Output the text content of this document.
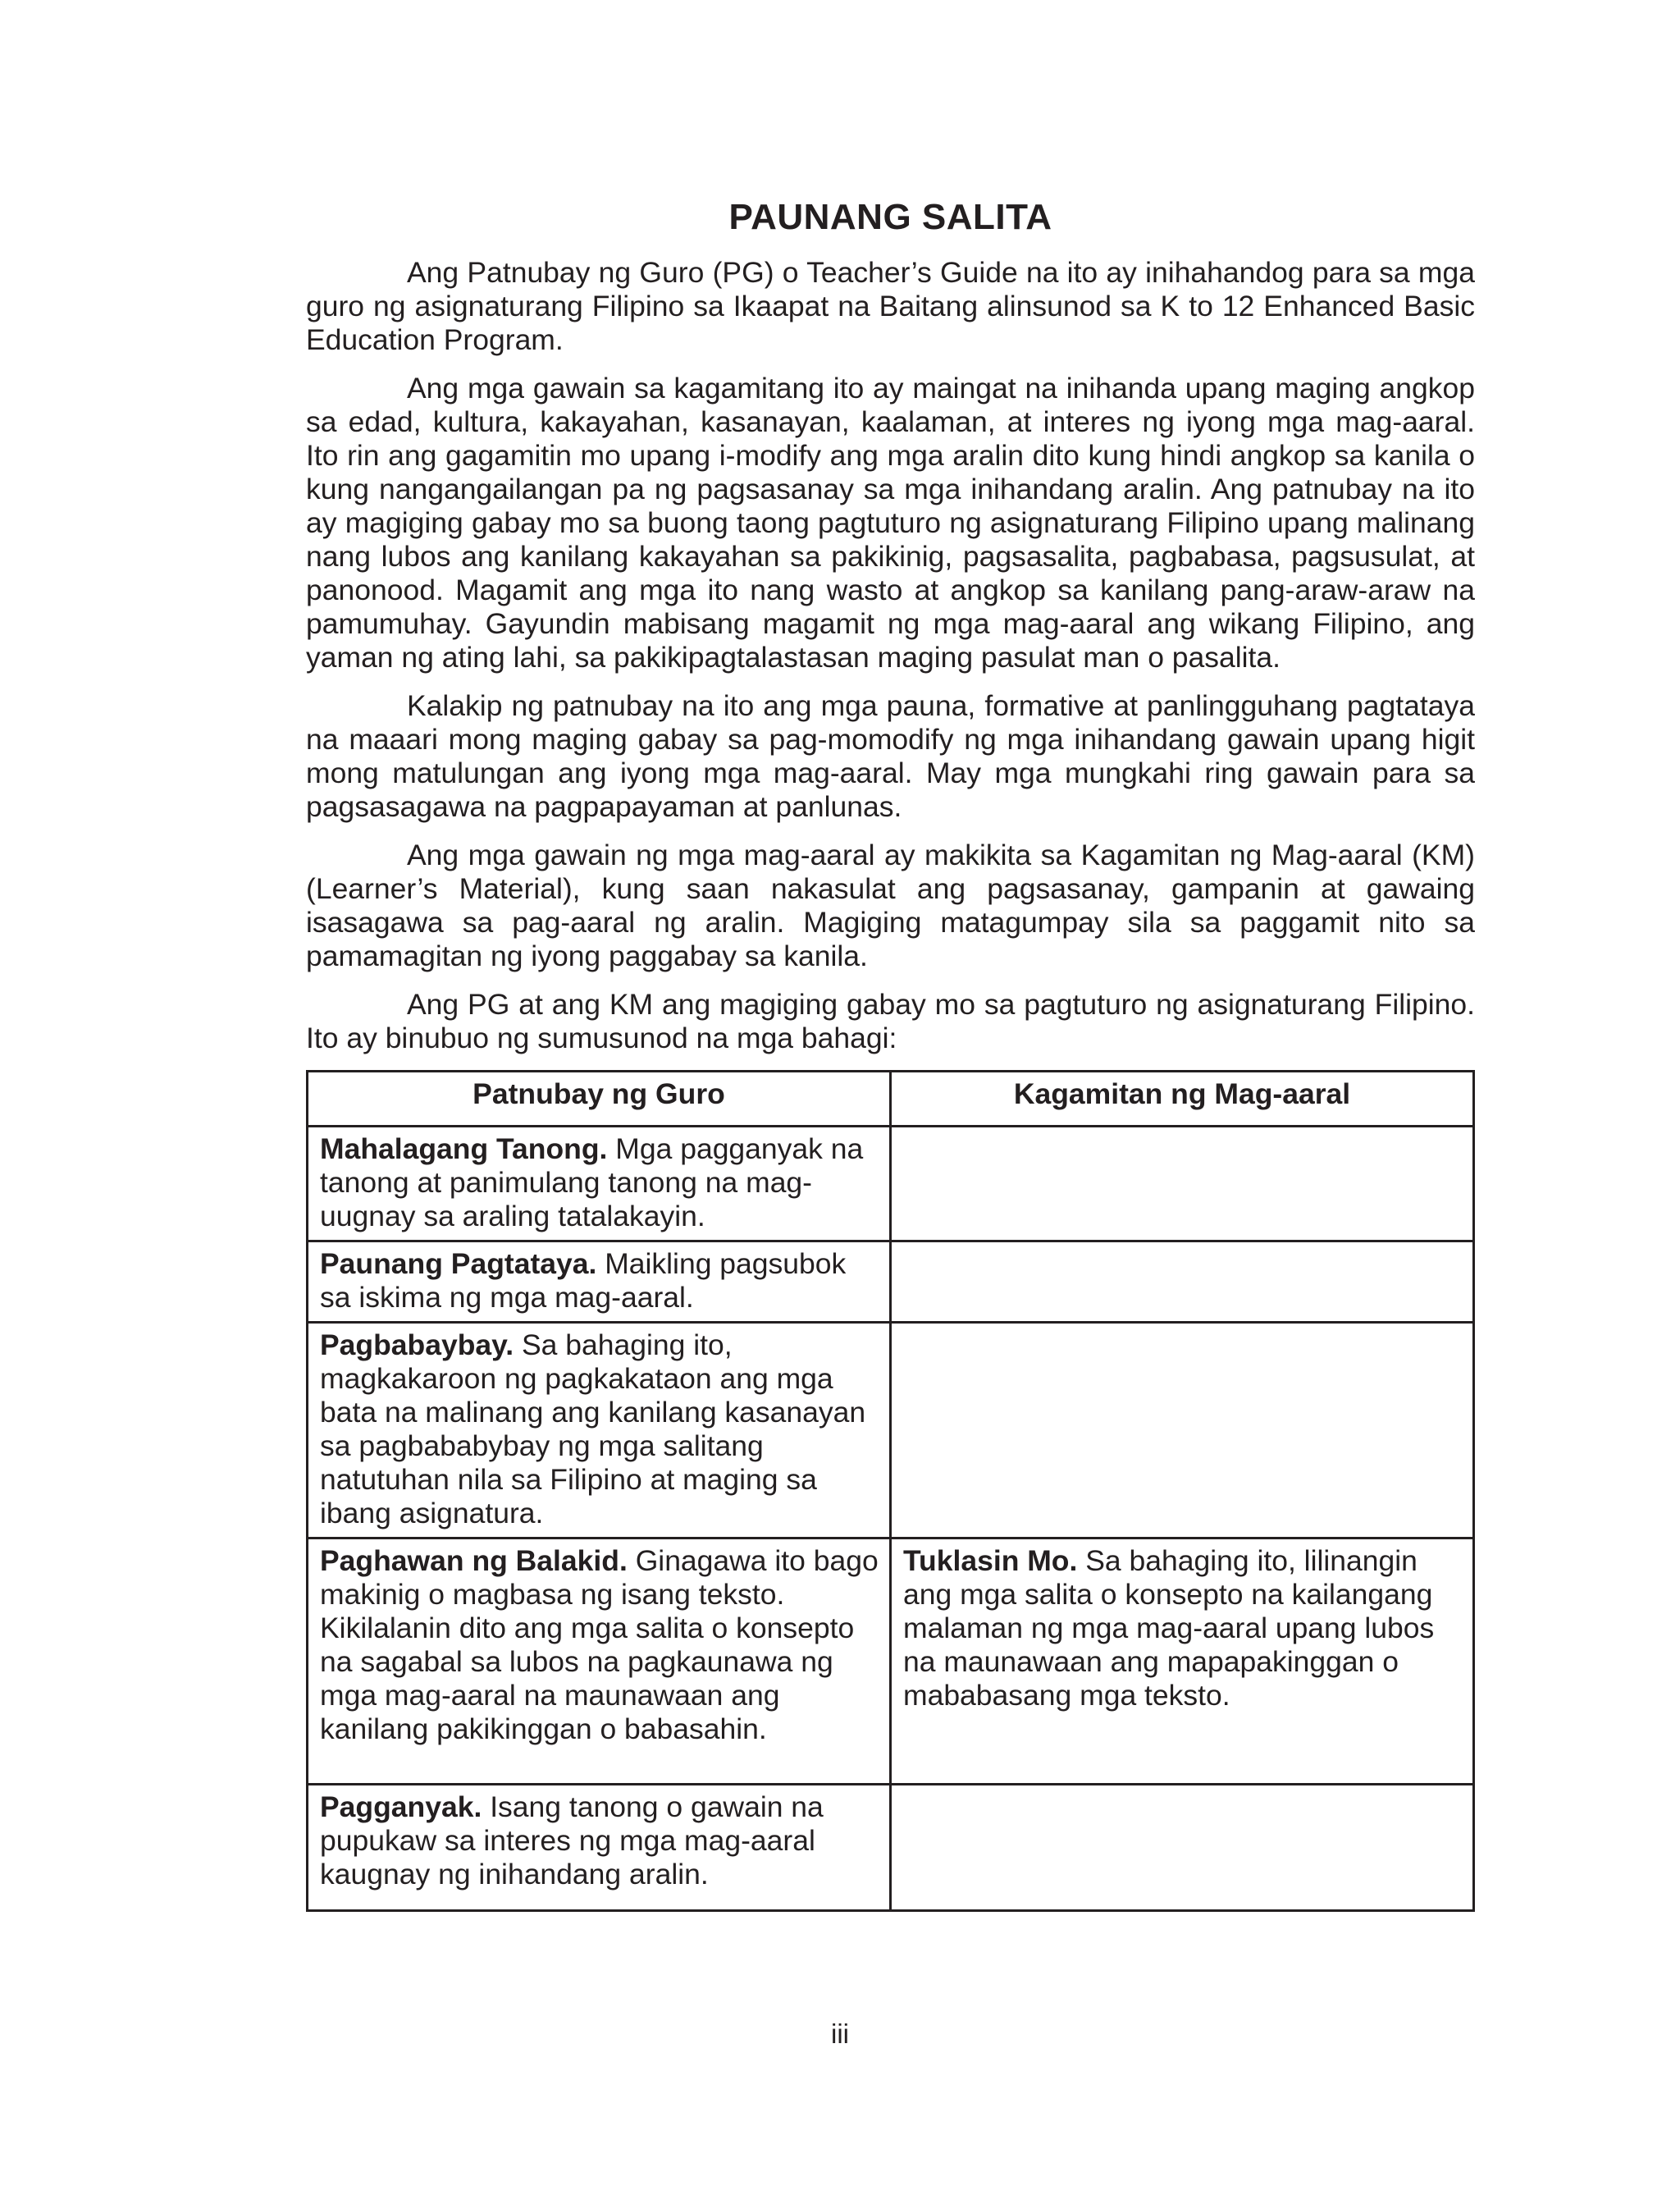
PAUNANG SALITA

Ang Patnubay ng Guro (PG) o Teacher’s Guide na ito ay inihahandog para sa mga guro ng asignaturang Filipino sa Ikaapat na Baitang alinsunod sa K to 12 Enhanced Basic Education Program.

Ang mga gawain sa kagamitang ito ay maingat na inihanda upang maging angkop sa edad, kultura, kakayahan, kasanayan, kaalaman, at interes ng iyong mga mag-aaral. Ito rin ang gagamitin mo upang i-modify ang mga aralin dito kung hindi angkop sa kanila o kung nangangailangan pa ng pagsasanay sa mga inihandang aralin. Ang patnubay na ito ay magiging gabay mo sa buong taong pagtuturo ng asignaturang Filipino upang malinang nang lubos ang kanilang kakayahan sa pakikinig, pagsasalita, pagbabasa, pagsusulat, at panonood. Magamit ang mga ito nang wasto at angkop sa kanilang pang-araw-araw na pamumuhay. Gayundin mabisang magamit ng mga mag-aaral ang wikang Filipino, ang yaman ng ating lahi, sa pakikipagtalastasan maging pasulat man o pasalita.

Kalakip ng patnubay na ito ang mga pauna, formative at panlingguhang pagtataya na maaari mong maging gabay sa pag-momodify ng mga inihandang gawain upang higit mong matulungan ang iyong mga mag-aaral. May mga mungkahi ring gawain para sa pagsasagawa na pagpapayaman at panlunas.

Ang mga gawain ng mga mag-aaral ay makikita sa Kagamitan ng Mag-aaral (KM) (Learner’s Material), kung saan nakasulat ang pagsasanay, gampanin at gawaing isasagawa sa pag-aaral ng aralin. Magiging matagumpay sila sa paggamit nito sa pamamagitan ng iyong paggabay sa kanila.

Ang PG at ang KM ang magiging gabay mo sa pagtuturo ng asignaturang Filipino. Ito ay binubuo ng sumusunod na mga bahagi:

Patnubay ng Guro	Kagamitan ng Mag-aaral
Mahalagang Tanong. Mga pagganyak na tanong at panimulang tanong na mag-uugnay sa araling tatalakayin.	
Paunang Pagtataya. Maikling pagsubok sa iskima ng mga mag-aaral.	
Pagbabaybay. Sa bahaging ito, magkakaroon ng pagkakataon ang mga bata na malinang ang kanilang kasanayan sa pagbababybay ng mga salitang natutuhan nila sa Filipino at maging sa ibang asignatura.	
Paghawan ng Balakid. Ginagawa ito bago makinig o magbasa ng isang teksto. Kikilalanin dito ang mga salita o konsepto na sagabal sa lubos na pagkaunawa ng mga mag-aaral na maunawaan ang kanilang pakikinggan o babasahin.	Tuklasin Mo. Sa bahaging ito, lilinangin ang mga salita o konsepto na kailangang malaman ng mga mag-aaral upang lubos na maunawaan ang mapapakinggan o mababasang mga teksto.
Pagganyak. Isang tanong o gawain na pupukaw sa interes ng mga mag-aaral kaugnay ng inihandang aralin.	
iii
